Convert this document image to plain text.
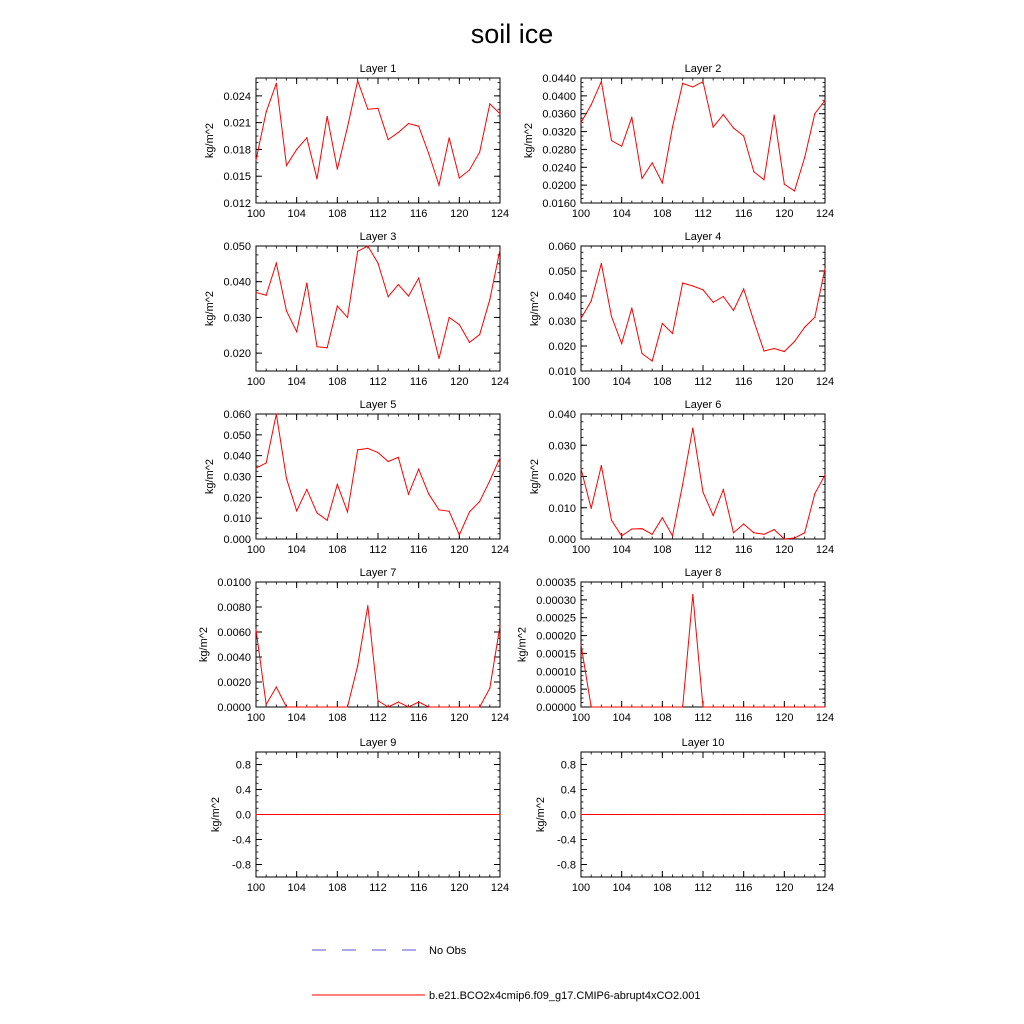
soil ice
Layer 1
100 104 108 112 116 120 124
0.012
0.015
0.018
0.021
0.024
kg/m^2
Layer 2
100 104 108 112 116 120 124
0.0160
0.0200
0.0240
0.0280
0.0320
0.0360
0.0400
0.0440
kg/m^2
Layer 3
100 104 108 112 116 120 124
0.020
0.030
0.040
0.050
kg/m^2
Layer 4
100 104 108 112 116 120 124
0.010
0.020
0.030
0.040
0.050
0.060
kg/m^2
Layer 5
100 104 108 112 116 120 124
0.000
0.010
0.020
0.030
0.040
0.050
0.060
kg/m^2
Layer 6
100 104 108 112 116 120 124
0.000
0.010
0.020
0.030
0.040
kg/m^2
Layer 7
100 104 108 112 116 120 124
0.0000
0.0020
0.0040
0.0060
0.0080
0.0100
kg/m^2
Layer 8
100 104 108 112 116 120 124
0.00000
0.00005
0.00010
0.00015
0.00020
0.00025
0.00030
0.00035
kg/m^2
Layer 9
100 104 108 112 116 120 124
-0.8
-0.4
0.0
0.4
0.8
kg/m^2
Layer 10
100 104 108 112 116 120 124
-0.8
-0.4
0.0
0.4
0.8
kg/m^2
No Obs
b.e21.BCO2x4cmip6.f09_g17.CMIP6-abrupt4xCO2.001
